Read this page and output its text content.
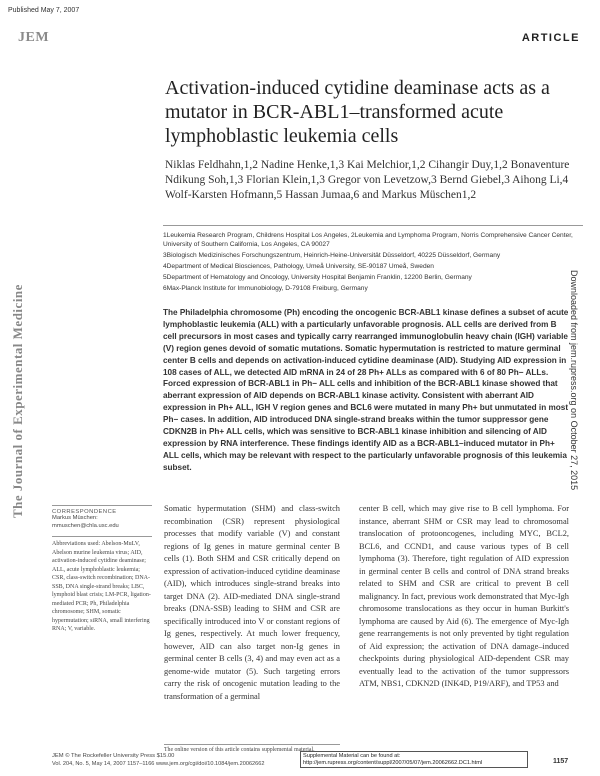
Published May 7, 2007
JEM	ARTICLE
Activation-induced cytidine deaminase acts as a mutator in BCR-ABL1–transformed acute lymphoblastic leukemia cells
Niklas Feldhahn,1,2 Nadine Henke,1,3 Kai Melchior,1,2 Cihangir Duy,1,2 Bonaventure Ndikung Soh,1,3 Florian Klein,1,3 Gregor von Levetzow,3 Bernd Giebel,3 Aihong Li,4 Wolf-Karsten Hofmann,5 Hassan Jumaa,6 and Markus Müschen1,2

1Leukemia Research Program, Childrens Hospital Los Angeles, 2Leukemia and Lymphoma Program, Norris Comprehensive Cancer Center, University of Southern California, Los Angeles, CA 90027

3Biologisch Medizinisches Forschungszentrum, Heinrich-Heine-Universität Düsseldorf, 40225 Düsseldorf, Germany

4Department of Medical Biosciences, Pathology, Umeå University, SE-90187 Umeå, Sweden

5Department of Hematology and Oncology, University Hospital Benjamin Franklin, 12200 Berlin, Germany

6Max-Planck Institute for Immunobiology, D-79108 Freiburg, Germany

The Philadelphia chromosome (Ph) encoding the oncogenic BCR-ABL1 kinase defines a subset of acute lymphoblastic leukemia (ALL) with a particularly unfavorable prognosis. ALL cells are derived from B cell precursors in most cases and typically carry rearranged immunoglobulin heavy chain (IGH) variable (V) region genes devoid of somatic mutations. Somatic hypermutation is restricted to mature germinal center B cells and depends on activation-induced cytidine deaminase (AID). Studying AID expression in 108 cases of ALL, we detected AID mRNA in 24 of 28 Ph+ ALLs as compared with 6 of 80 Ph− ALLs. Forced expression of BCR-ABL1 in Ph− ALL cells and inhibition of the BCR-ABL1 kinase showed that aberrant expression of AID depends on BCR-ABL1 kinase activity. Consistent with aberrant AID expression in Ph+ ALL, IGH V region genes and BCL6 were mutated in many Ph+ but unmutated in most Ph− cases. In addition, AID introduced DNA single-strand breaks within the tumor suppressor gene CDKN2B in Ph+ ALL cells, which was sensitive to BCR-ABL1 kinase inhibition and silencing of AID expression by RNA interference. These findings identify AID as a BCR-ABL1–induced mutator in Ph+ ALL cells, which may be relevant with respect to the particularly unfavorable prognosis of this leukemia subset.
The Journal of Experimental Medicine	Downloaded from jem.rupress.org on October 27, 2015
CORRESPONDENCE
Markus Müschen:
mmuschen@chla.usc.edu
Abbreviations used: Abelson-MuLV, Abelson murine leukemia virus; AID, activation-induced cytidine deaminase; ALL, acute lymphoblastic leukemia; CSR, class-switch recombination; DNA-SSB, DNA single-strand breaks; LBC, lymphoid blast crisis; LM-PCR, ligation-mediated PCR; Ph, Philadelphia chromosome; SHM, somatic hypermutation; siRNA, small interfering RNA; V, variable.
Somatic hypermutation (SHM) and class-switch recombination (CSR) represent physiological processes that modify variable (V) and constant regions of Ig genes in mature germinal center B cells (1). Both SHM and CSR critically depend on expression of activation-induced cytidine deaminase (AID), which introduces single-strand breaks into target DNA (2). AID-mediated DNA single-strand breaks (DNA-SSB) leading to SHM and CSR are specifically introduced into V or constant regions of Ig genes, respectively. At much lower frequency, however, AID can also target non-Ig genes in germinal center B cells (3, 4) and may even act as a genome-wide mutator (5). Such targeting errors carry the risk of oncogenic mutation leading to the transformation of a germinal
center B cell, which may give rise to B cell lymphoma. For instance, aberrant SHM or CSR may lead to chromosomal translocation of protooncogenes, including MYC, BCL2, BCL6, and CCND1, and cause various types of B cell lymphoma (3). Therefore, tight regulation of AID expression in germinal center B cells and control of DNA strand breaks related to SHM and CSR are critical to prevent B cell malignancy. In fact, previous work demonstrated that Myc-Igh chromosome translocations as they occur in human Burkitt's lymphoma are caused by Aid (6). The emergence of Myc-Igh gene rearrangements is not only prevented by tight regulation of Aid expression; the activation of DNA damage–induced checkpoints during physiological AID-dependent CSR may eventually lead to the activation of the tumor suppressors ATM, NBS1, CDKN2D (INK4D, P19/ARF), and TP53 and
The online version of this article contains supplemental material.
Supplemental Material can be found at:
http://jem.rupress.org/content/suppl/2007/05/07/jem.20062662.DC1.html
JEM © The Rockefeller University Press $15.00
Vol. 204, No. 5, May 14, 2007 1157–1166 www.jem.org/cgi/doi/10.1084/jem.20062662	1157
